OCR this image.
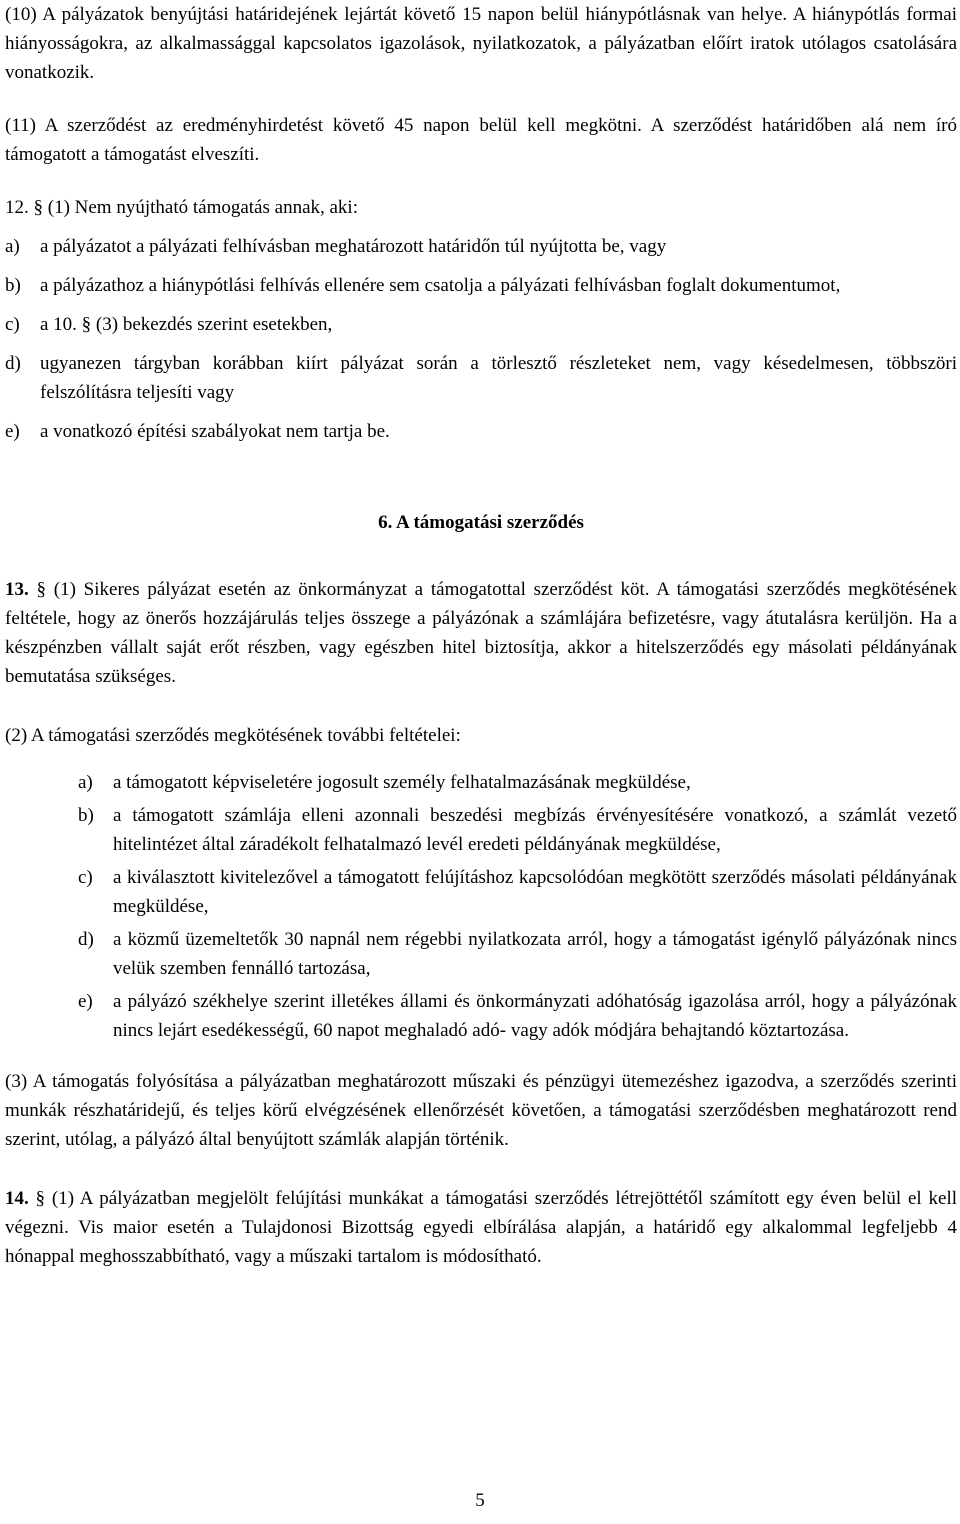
(10) A pályázatok benyújtási határidejének lejártát követő 15 napon belül hiánypótlásnak van helye. A hiánypótlás formai hiányosságokra, az alkalmassággal kapcsolatos igazolások, nyilatkozatok, a pályázatban előírt iratok utólagos csatolására vonatkozik.

(11) A szerződést az eredményhirdetést követő 45 napon belül kell megkötni. A szerződést határidőben alá nem író támogatott a támogatást elveszíti.

12. § (1) Nem nyújtható támogatás annak, aki:

a)	a pályázatot a pályázati felhívásban meghatározott határidőn túl nyújtotta be, vagy
b)	a pályázathoz a hiánypótlási felhívás ellenére sem csatolja a pályázati felhívásban foglalt dokumentumot,
c)	a 10. § (3) bekezdés szerint esetekben,
d)	ugyanezen tárgyban korábban kiírt pályázat során a törlesztő részleteket nem, vagy késedelmesen, többszöri felszólításra teljesíti vagy
e)	a vonatkozó építési szabályokat nem tartja be.

6. A támogatási szerződés

13. § (1) Sikeres pályázat esetén az önkormányzat a támogatottal szerződést köt. A támogatási szerződés megkötésének feltétele, hogy az önerős hozzájárulás teljes összege a pályázónak a számlájára befizetésre, vagy átutalásra kerüljön. Ha a készpénzben vállalt saját erőt részben, vagy egészben hitel biztosítja, akkor a hitelszerződés egy másolati példányának bemutatása szükséges.

(2) A támogatási szerződés megkötésének további feltételei:

a)	a támogatott képviseletére jogosult személy felhatalmazásának megküldése,
b)	a támogatott számlája elleni azonnali beszedési megbízás érvényesítésére vonatkozó, a számlát vezető hitelintézet által záradékolt felhatalmazó levél eredeti példányának megküldése,
c)	a kiválasztott kivitelezővel a támogatott felújításhoz kapcsolódóan megkötött szerződés másolati példányának megküldése,
d)	a közmű üzemeltetők 30 napnál nem régebbi nyilatkozata arról, hogy a támogatást igénylő pályázónak nincs velük szemben fennálló tartozása,
e)	a pályázó székhelye szerint illetékes állami és önkormányzati adóhatóság igazolása arról, hogy a pályázónak nincs lejárt esedékességű, 60 napot meghaladó adó- vagy adók módjára behajtandó köztartozása.

(3) A támogatás folyósítása a pályázatban meghatározott műszaki és pénzügyi ütemezéshez igazodva, a szerződés szerinti munkák részhatáridejű, és teljes körű elvégzésének ellenőrzését követően, a támogatási szerződésben meghatározott rend szerint, utólag, a pályázó által benyújtott számlák alapján történik.

14. § (1) A pályázatban megjelölt felújítási munkákat a támogatási szerződés létrejöttétől számított egy éven belül el kell végezni. Vis maior esetén a Tulajdonosi Bizottság egyedi elbírálása alapján, a határidő egy alkalommal legfeljebb 4 hónappal meghosszabbítható, vagy a műszaki tartalom is módosítható.

5
